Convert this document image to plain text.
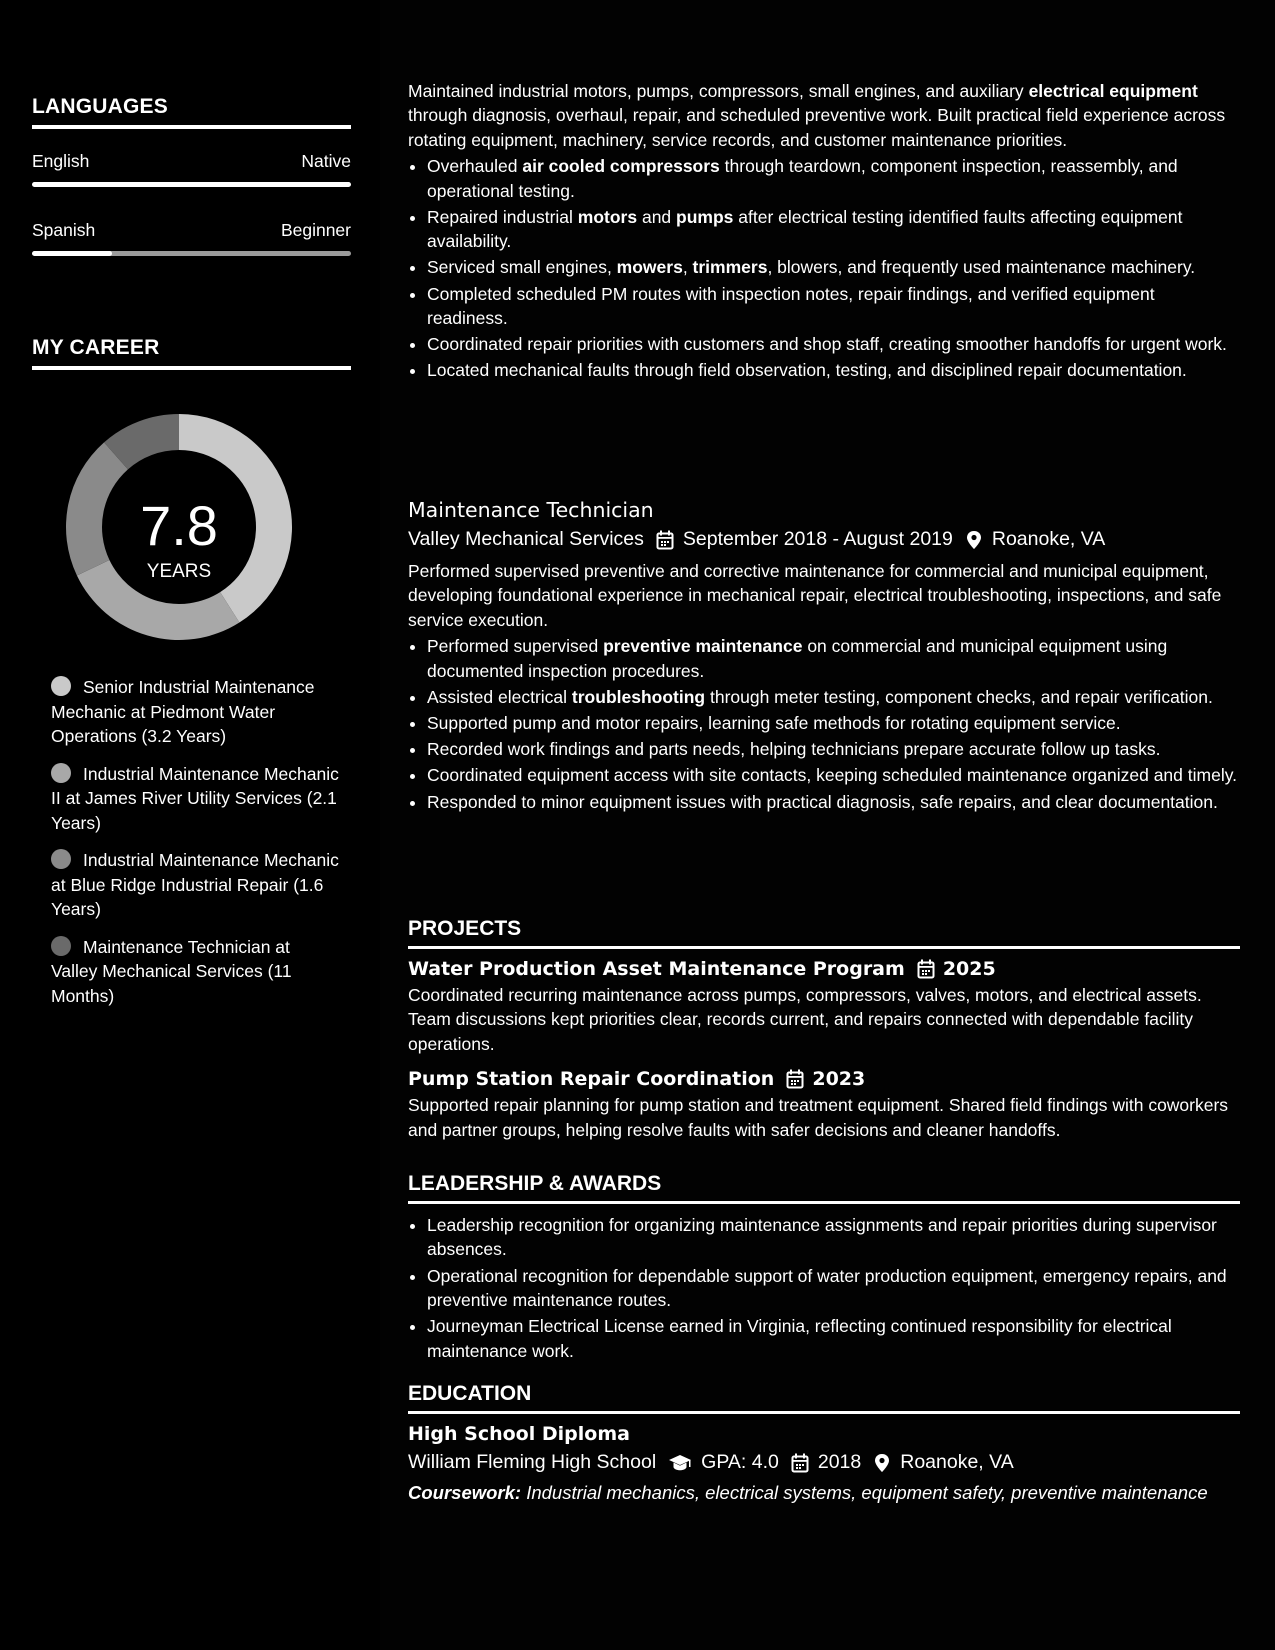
LANGUAGES
English	Native
Spanish	Beginner
MY CAREER
7.8
YEARS
Senior Industrial Maintenance Mechanic at Piedmont Water Operations (3.2 Years)
Industrial Maintenance Mechanic II at James River Utility Services (2.1 Years)
Industrial Maintenance Mechanic at Blue Ridge Industrial Repair (1.6 Years)
Maintenance Technician at Valley Mechanical Services (11 Months)

Maintained industrial motors, pumps, compressors, small engines, and auxiliary electrical equipment through diagnosis, overhaul, repair, and scheduled preventive work. Built practical field experience across rotating equipment, machinery, service records, and customer maintenance priorities.

• Overhauled air cooled compressors through teardown, component inspection, reassembly, and operational testing.
• Repaired industrial motors and pumps after electrical testing identified faults affecting equipment availability.
• Serviced small engines, mowers, trimmers, blowers, and frequently used maintenance machinery.
• Completed scheduled PM routes with inspection notes, repair findings, and verified equipment readiness.
• Coordinated repair priorities with customers and shop staff, creating smoother handoffs for urgent work.
• Located mechanical faults through field observation, testing, and disciplined repair documentation.
Maintenance Technician
Valley Mechanical Services September 2018 - August 2019 Roanoke, VA

Performed supervised preventive and corrective maintenance for commercial and municipal equipment, developing foundational experience in mechanical repair, electrical troubleshooting, inspections, and safe service execution.

• Performed supervised preventive maintenance on commercial and municipal equipment using documented inspection procedures.
• Assisted electrical troubleshooting through meter testing, component checks, and repair verification.
• Supported pump and motor repairs, learning safe methods for rotating equipment service.
• Recorded work findings and parts needs, helping technicians prepare accurate follow up tasks.
• Coordinated equipment access with site contacts, keeping scheduled maintenance organized and timely.
• Responded to minor equipment issues with practical diagnosis, safe repairs, and clear documentation.
PROJECTS
Water Production Asset Maintenance Program 2025

Coordinated recurring maintenance across pumps, compressors, valves, motors, and electrical assets. Team discussions kept priorities clear, records current, and repairs connected with dependable facility operations.

Pump Station Repair Coordination 2023

Supported repair planning for pump station and treatment equipment. Shared field findings with coworkers and partner groups, helping resolve faults with safer decisions and cleaner handoffs.

LEADERSHIP & AWARDS
• Leadership recognition for organizing maintenance assignments and repair priorities during supervisor absences.
• Operational recognition for dependable support of water production equipment, emergency repairs, and preventive maintenance routes.
• Journeyman Electrical License earned in Virginia, reflecting continued responsibility for electrical maintenance work.
EDUCATION
High School Diploma
William Fleming High School GPA: 4.0 2018 Roanoke, VA

Coursework: Industrial mechanics, electrical systems, equipment safety, preventive maintenance
